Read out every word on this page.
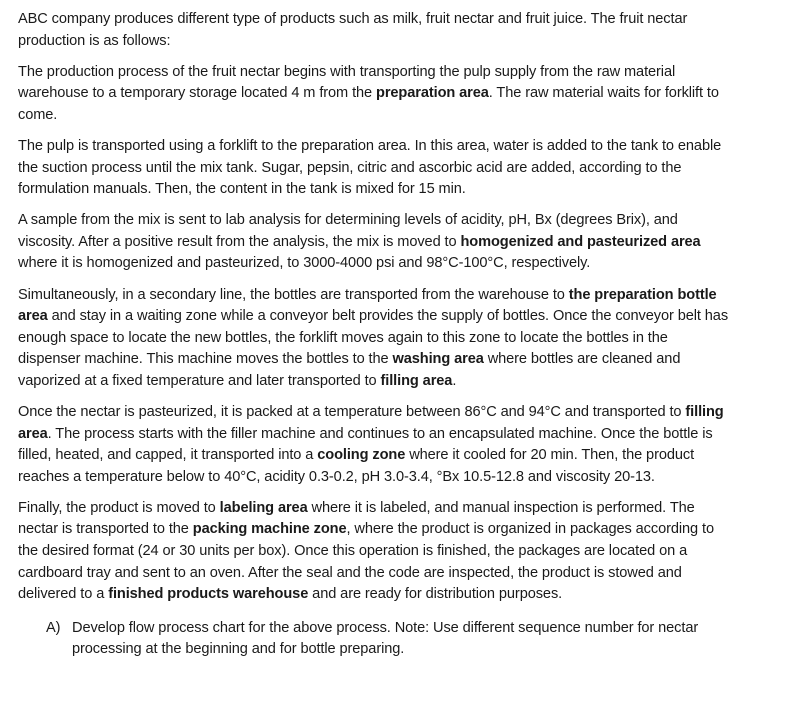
ABC company produces different type of products such as milk, fruit nectar and fruit juice. The fruit nectar production is as follows:

The production process of the fruit nectar begins with transporting the pulp supply from the raw material warehouse to a temporary storage located 4 m from the preparation area. The raw material waits for forklift to come.

The pulp is transported using a forklift to the preparation area. In this area, water is added to the tank to enable the suction process until the mix tank. Sugar, pepsin, citric and ascorbic acid are added, according to the formulation manuals. Then, the content in the tank is mixed for 15 min.

A sample from the mix is sent to lab analysis for determining levels of acidity, pH, Bx (degrees Brix), and viscosity. After a positive result from the analysis, the mix is moved to homogenized and pasteurized area where it is homogenized and pasteurized, to 3000-4000 psi and 98°C-100°C, respectively.

Simultaneously, in a secondary line, the bottles are transported from the warehouse to the preparation bottle area and stay in a waiting zone while a conveyor belt provides the supply of bottles. Once the conveyor belt has enough space to locate the new bottles, the forklift moves again to this zone to locate the bottles in the dispenser machine. This machine moves the bottles to the washing area where bottles are cleaned and vaporized at a fixed temperature and later transported to filling area.

Once the nectar is pasteurized, it is packed at a temperature between 86°C and 94°C and transported to filling area. The process starts with the filler machine and continues to an encapsulated machine. Once the bottle is filled, heated, and capped, it transported into a cooling zone where it cooled for 20 min. Then, the product reaches a temperature below to 40°C, acidity 0.3-0.2, pH 3.0-3.4, °Bx 10.5-12.8 and viscosity 20-13.

Finally, the product is moved to labeling area where it is labeled, and manual inspection is performed. The nectar is transported to the packing machine zone, where the product is organized in packages according to the desired format (24 or 30 units per box). Once this operation is finished, the packages are located on a cardboard tray and sent to an oven. After the seal and the code are inspected, the product is stowed and delivered to a finished products warehouse and are ready for distribution purposes.

A) Develop flow process chart for the above process. Note: Use different sequence number for nectar processing at the beginning and for bottle preparing.
